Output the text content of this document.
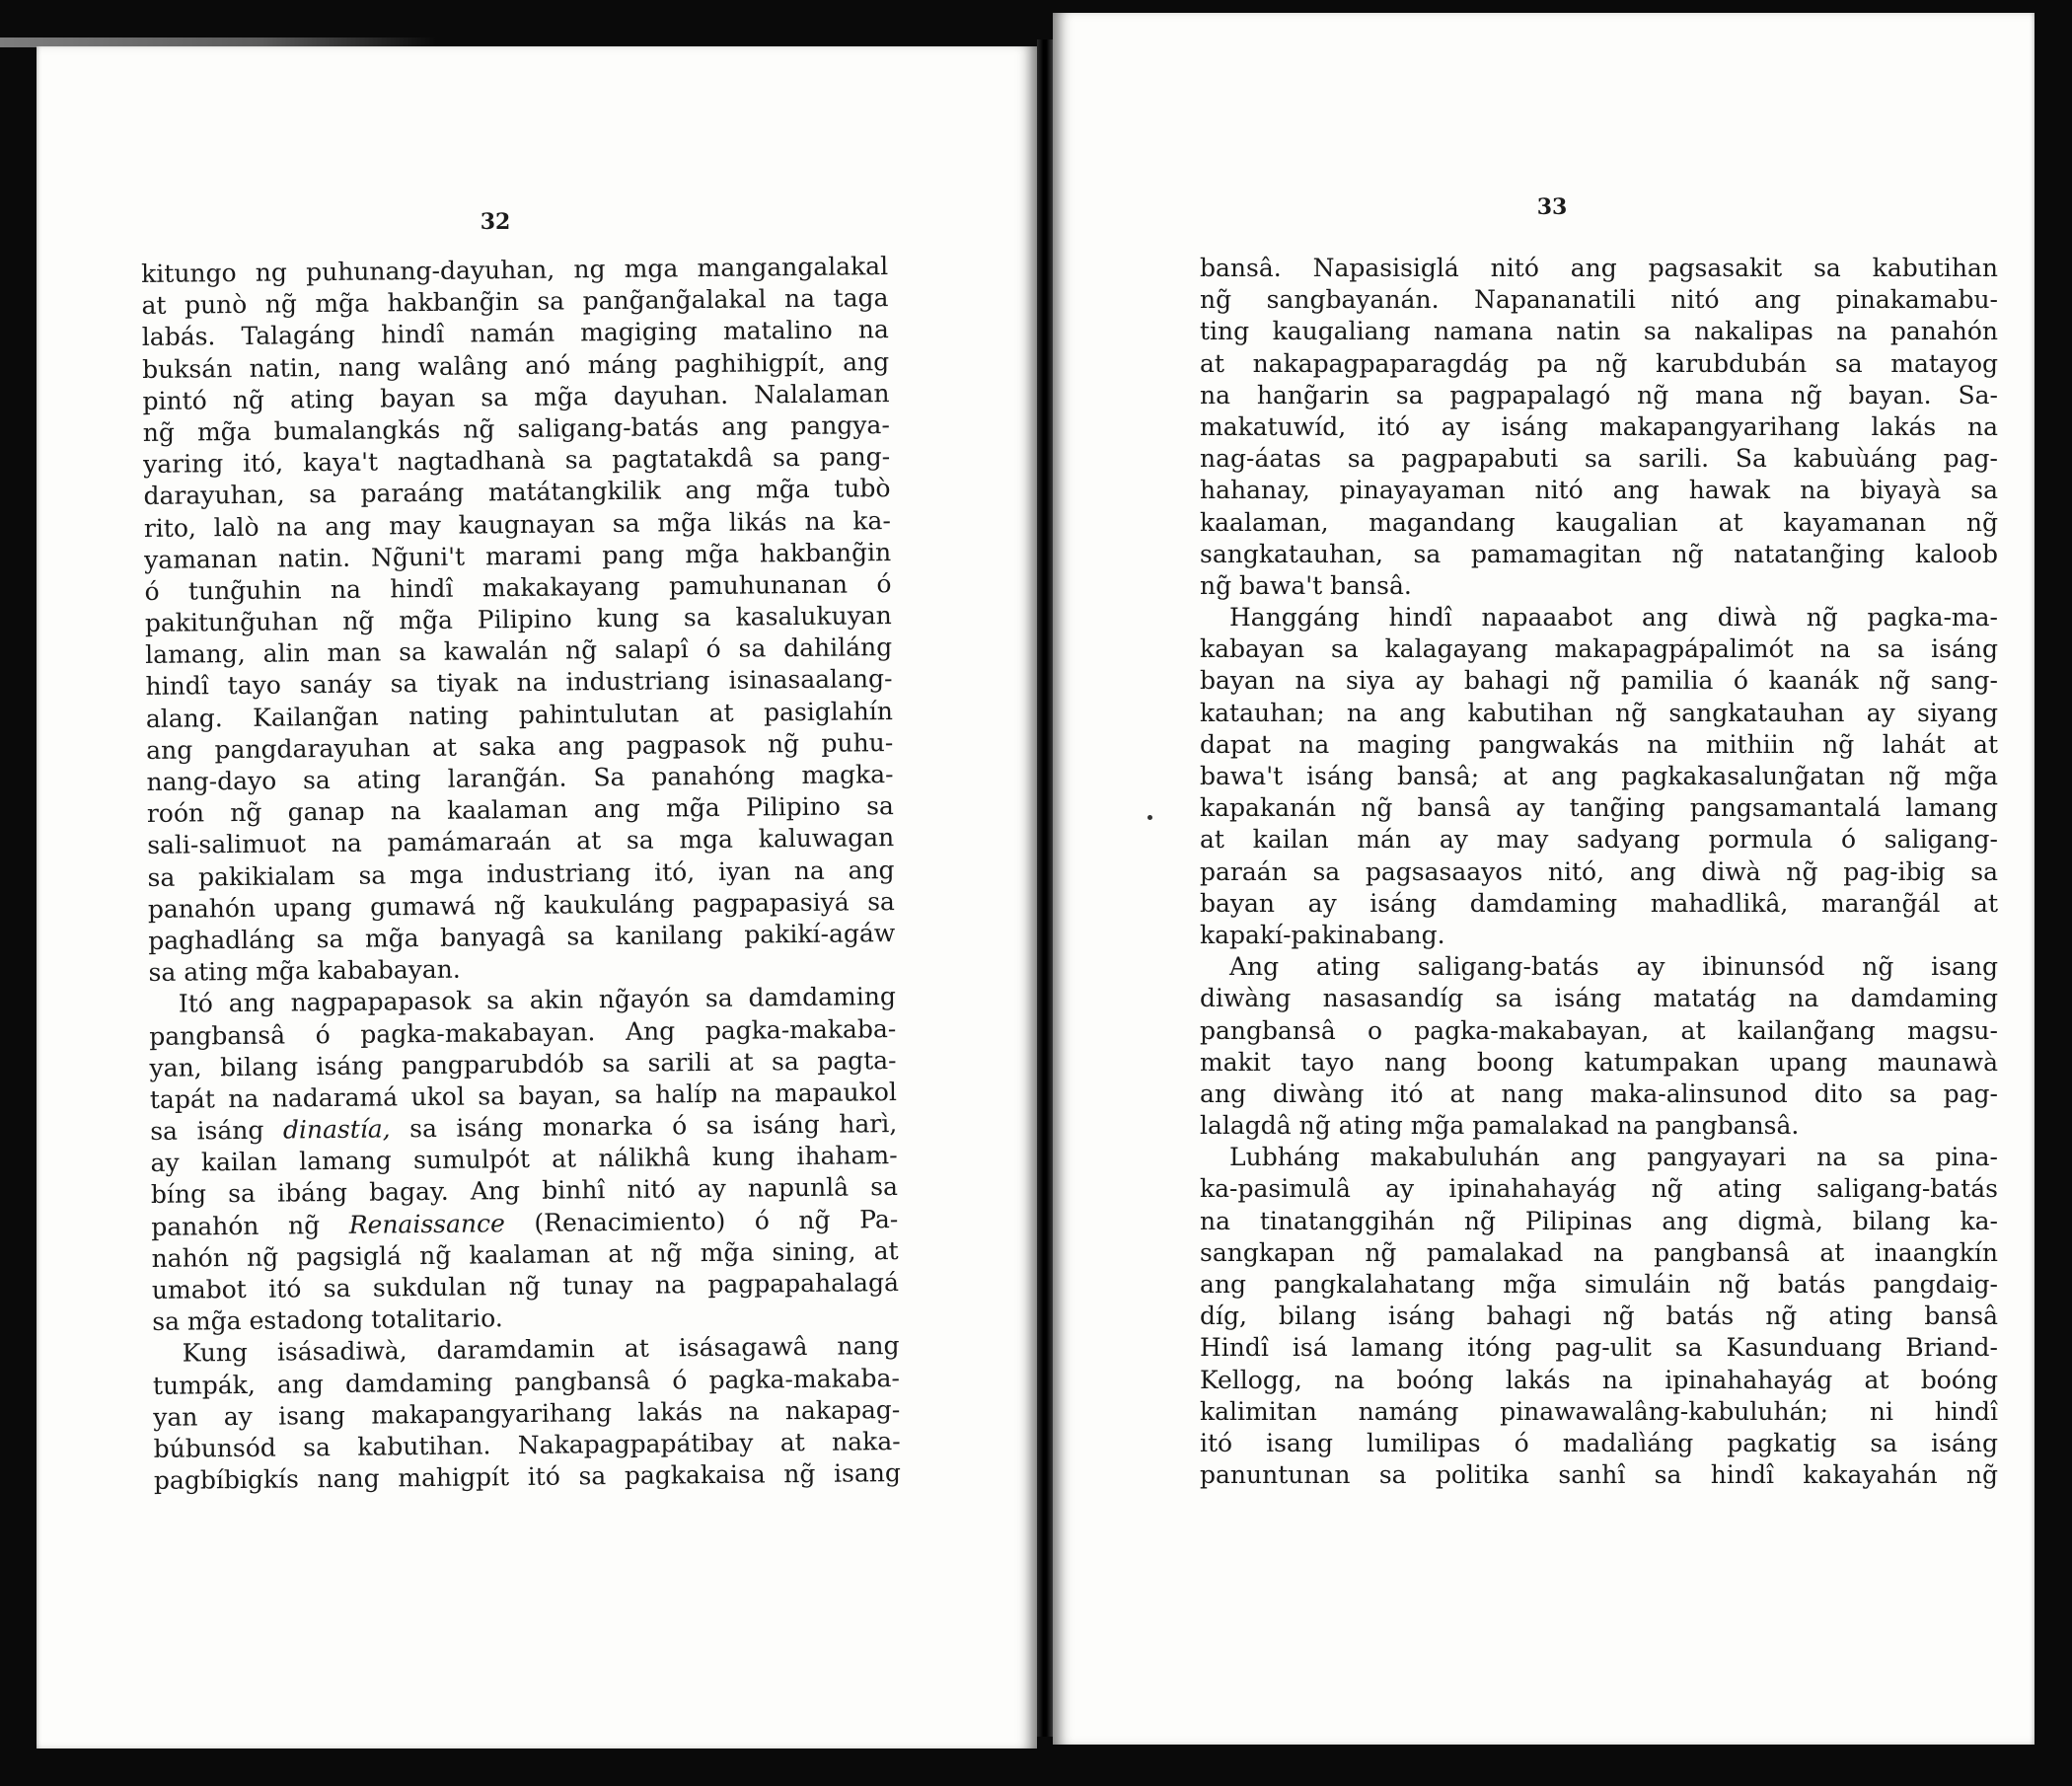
32
kitungo ng puhunang-dayuhan, ng mga mangangalakal
at punò ng̃ mg̃a hakbang̃in sa pang̃ang̃alakal na taga
labás. Talagáng hindî namán magiging matalino na
buksán natin, nang walâng anó máng paghihigpít, ang
pintó ng̃ ating bayan sa mg̃a dayuhan. Nalalaman
ng̃ mg̃a bumalangkás ng̃ saligang-batás ang pangya-
yaring itó, kaya't nagtadhanà sa pagtatakdâ sa pang-
darayuhan, sa paraáng matátangkilik ang mg̃a tubò
rito, lalò na ang may kaugnayan sa mg̃a likás na ka-
yamanan natin. Ng̃uni't marami pang mg̃a hakbang̃in
ó tung̃uhin na hindî makakayang pamuhunanan ó
pakitung̃uhan ng̃ mg̃a Pilipino kung sa kasalukuyan
lamang, alin man sa kawalán ng̃ salapî ó sa dahiláng
hindî tayo sanáy sa tiyak na industriang isinasaalang-
alang. Kailang̃an nating pahintulutan at pasiglahín
ang pangdarayuhan at saka ang pagpasok ng̃ puhu-
nang-dayo sa ating larang̃án. Sa panahóng magka-
roón ng̃ ganap na kaalaman ang mg̃a Pilipino sa
sali-salimuot na pamámaraán at sa mga kaluwagan
sa pakikialam sa mga industriang itó, iyan na ang
panahón upang gumawá ng̃ kaukuláng pagpapasiyá sa
paghadláng sa mg̃a banyagâ sa kanilang pakikí-agáw
sa ating mg̃a kababayan.
Itó ang nagpapapasok sa akin ng̃ayón sa damdaming
pangbansâ ó pagka-makabayan. Ang pagka-makaba-
yan, bilang isáng pangparubdób sa sarili at sa pagta-
tapát na nadaramá ukol sa bayan, sa halíp na mapaukol
sa isáng dinastía, sa isáng monarka ó sa isáng harì,
ay kailan lamang sumulpót at nálikhâ kung ihaham-
bíng sa ibáng bagay. Ang binhî nitó ay napunlâ sa
panahón ng̃ Renaissance (Renacimiento) ó ng̃ Pa-
nahón ng̃ pagsiglá ng̃ kaalaman at ng̃ mg̃a sining, at
umabot itó sa sukdulan ng̃ tunay na pagpapahalagá
sa mg̃a estadong totalitario.
Kung isásadiwà, daramdamin at isásagawâ nang
tumpák, ang damdaming pangbansâ ó pagka-makaba-
yan ay isang makapangyarihang lakás na nakapag-
búbunsód sa kabutihan. Nakapagpapátibay at naka-
pagbíbigkís nang mahigpít itó sa pagkakaisa ng̃ isang
33
bansâ. Napasisiglá nitó ang pagsasakit sa kabutihan
ng̃ sangbayanán. Napananatili nitó ang pinakamabu-
ting kaugaliang namana natin sa nakalipas na panahón
at nakapagpaparagdág pa ng̃ karubdubán sa matayog
na hang̃arin sa pagpapalagó ng̃ mana ng̃ bayan. Sa-
makatuwíd, itó ay isáng makapangyarihang lakás na
nag-áatas sa pagpapabuti sa sarili. Sa kabuùáng pag-
hahanay, pinayayaman nitó ang hawak na biyayà sa
kaalaman, magandang kaugalian at kayamanan ng̃
sangkatauhan, sa pamamagitan ng̃ natatang̃ing kaloob
ng̃ bawa't bansâ.
Hanggáng hindî napaaabot ang diwà ng̃ pagka-ma-
kabayan sa kalagayang makapagpápalimót na sa isáng
bayan na siya ay bahagi ng̃ pamilia ó kaanák ng̃ sang-
katauhan; na ang kabutihan ng̃ sangkatauhan ay siyang
dapat na maging pangwakás na mithiin ng̃ lahát at
bawa't isáng bansâ; at ang pagkakasalung̃atan ng̃ mg̃a
kapakanán ng̃ bansâ ay tang̃ing pangsamantalá lamang
at kailan mán ay may sadyang pormula ó saligang-
paraán sa pagsasaayos nitó, ang diwà ng̃ pag-ibig sa
bayan ay isáng damdaming mahadlikâ, marang̃ál at
kapakí-pakinabang.
Ang ating saligang-batás ay ibinunsód ng̃ isang
diwàng nasasandíg sa isáng matatág na damdaming
pangbansâ o pagka-makabayan, at kailang̃ang magsu-
makit tayo nang boong katumpakan upang maunawà
ang diwàng itó at nang maka-alinsunod dito sa pag-
lalagdâ ng̃ ating mg̃a pamalakad na pangbansâ.
Lubháng makabuluhán ang pangyayari na sa pina-
ka-pasimulâ ay ipinahahayág ng̃ ating saligang-batás
na tinatanggihán ng̃ Pilipinas ang digmà, bilang ka-
sangkapan ng̃ pamalakad na pangbansâ at inaangkín
ang pangkalahatang mg̃a simuláin ng̃ batás pangdaig-
díg, bilang isáng bahagi ng̃ batás ng̃ ating bansâ
Hindî isá lamang itóng pag-ulit sa Kasunduang Briand-
Kellogg, na boóng lakás na ipinahahayág at boóng
kalimitan namáng pinawawalâng-kabuluhán; ni hindî
itó isang lumilipas ó madalìáng pagkatig sa isáng
panuntunan sa politika sanhî sa hindî kakayahán ng̃
